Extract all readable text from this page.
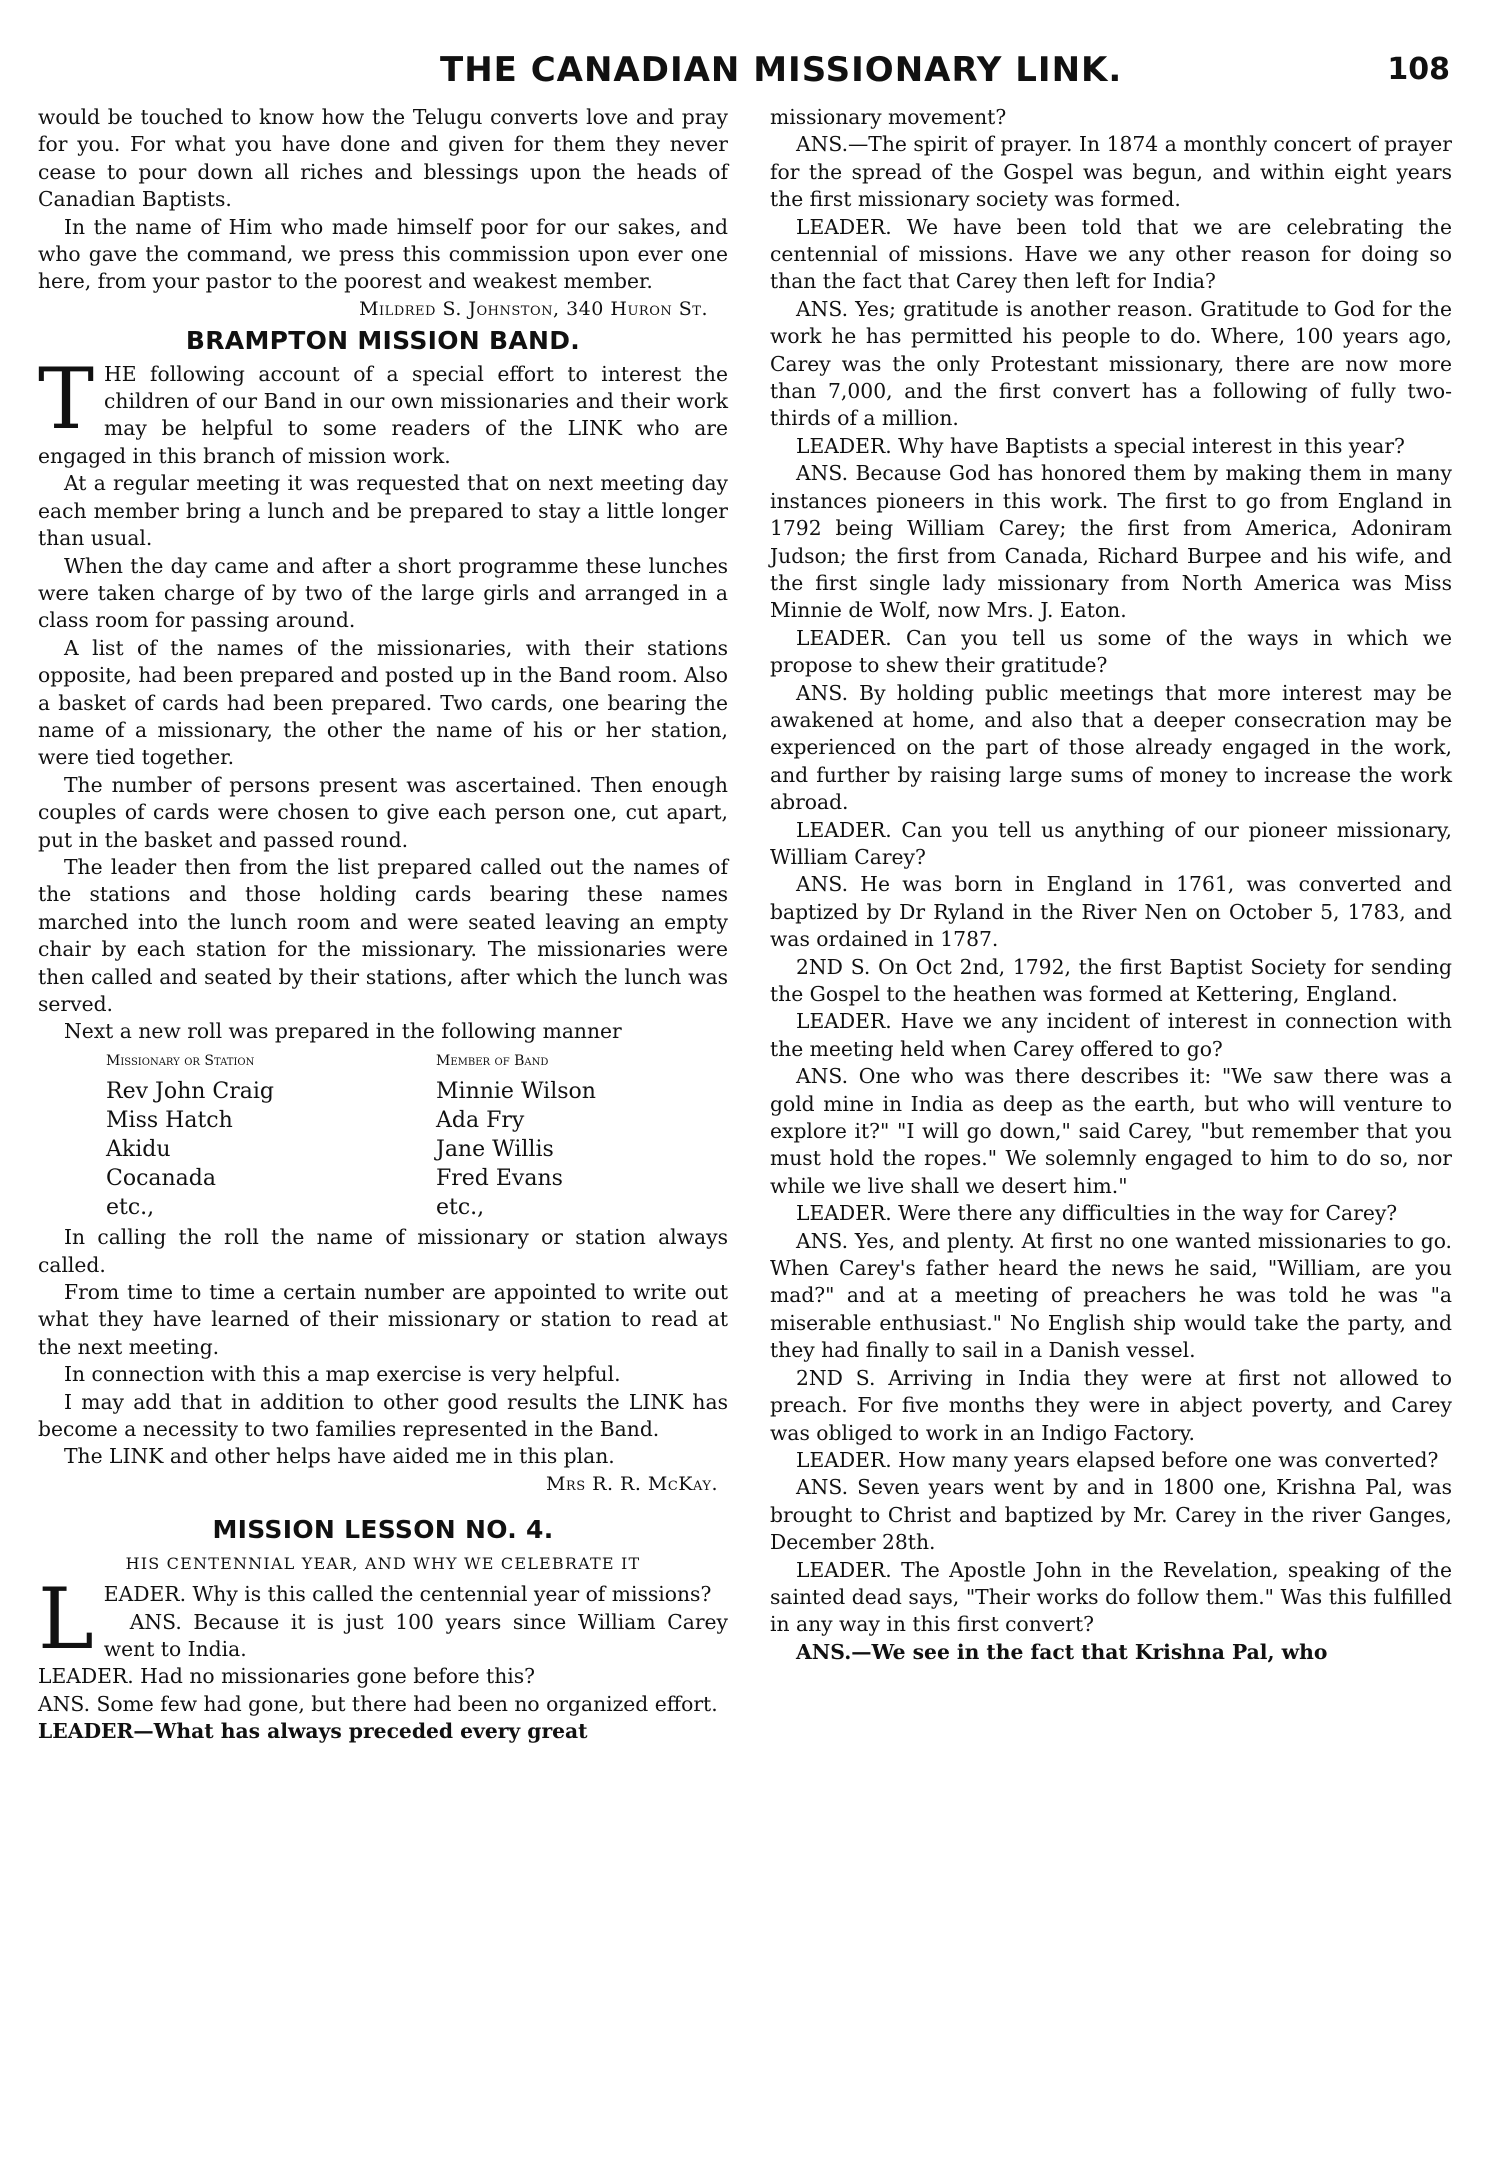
THE CANADIAN MISSIONARY LINK.	108

would be touched to know how the Telugu converts love and pray for you. For what you have done and given for them they never cease to pour down all riches and blessings upon the heads of Canadian Baptists.

In the name of Him who made himself poor for our sakes, and who gave the command, we press this commission upon ever one here, from your pastor to the poorest and weakest member.

Mildred S. Johnston, 340 Huron St.

BRAMPTON MISSION BAND.

THE following account of a special effort to interest the children of our Band in our own missionaries and their work may be helpful to some readers of the LINK who are engaged in this branch of mission work.

At a regular meeting it was requested that on next meeting day each member bring a lunch and be prepared to stay a little longer than usual.

When the day came and after a short programme these lunches were taken charge of by two of the large girls and arranged in a class room for passing around.

A list of the names of the missionaries, with their stations opposite, had been prepared and posted up in the Band room. Also a basket of cards had been prepared. Two cards, one bearing the name of a missionary, the other the name of his or her station, were tied together.

The number of persons present was ascertained. Then enough couples of cards were chosen to give each person one, cut apart, put in the basket and passed round.

The leader then from the list prepared called out the names of the stations and those holding cards bearing these names marched into the lunch room and were seated leaving an empty chair by each station for the missionary. The missionaries were then called and seated by their stations, after which the lunch was served.

Next a new roll was prepared in the following manner

Missionary or Station	Member of Band
Rev John Craig	Minnie Wilson
Miss Hatch	Ada Fry
Akidu	Jane Willis
Cocanada	Fred Evans
etc.,	etc.,

In calling the roll the name of missionary or station always called.

From time to time a certain number are appointed to write out what they have learned of their missionary or station to read at the next meeting.

In connection with this a map exercise is very helpful.

I may add that in addition to other good results the LINK has become a necessity to two families represented in the Band.

The LINK and other helps have aided me in this plan.

Mrs R. R. McKay.

MISSION LESSON NO. 4.
HIS CENTENNIAL YEAR, AND WHY WE CELEBRATE IT

LEADER. Why is this called the centennial year of missions?

ANS. Because it is just 100 years since William Carey went to India.

LEADER. Had no missionaries gone before this?

ANS. Some few had gone, but there had been no organized effort.

LEADER—What has always preceded every great

missionary movement?

ANS.—The spirit of prayer. In 1874 a monthly concert of prayer for the spread of the Gospel was begun, and within eight years the first missionary society was formed.

LEADER. We have been told that we are celebrating the centennial of missions. Have we any other reason for doing so than the fact that Carey then left for India?

ANS. Yes; gratitude is another reason. Gratitude to God for the work he has permitted his people to do. Where, 100 years ago, Carey was the only Protestant missionary, there are now more than 7,000, and the first convert has a following of fully two-thirds of a million.

LEADER. Why have Baptists a special interest in this year?

ANS. Because God has honored them by making them in many instances pioneers in this work. The first to go from England in 1792 being William Carey; the first from America, Adoniram Judson; the first from Canada, Richard Burpee and his wife, and the first single lady missionary from North America was Miss Minnie de Wolf, now Mrs. J. Eaton.

LEADER. Can you tell us some of the ways in which we propose to shew their gratitude?

ANS. By holding public meetings that more interest may be awakened at home, and also that a deeper consecration may be experienced on the part of those already engaged in the work, and further by raising large sums of money to increase the work abroad.

LEADER. Can you tell us anything of our pioneer missionary, William Carey?

ANS. He was born in England in 1761, was converted and baptized by Dr Ryland in the River Nen on October 5, 1783, and was ordained in 1787.

2ND S. On Oct 2nd, 1792, the first Baptist Society for sending the Gospel to the heathen was formed at Kettering, England.

LEADER. Have we any incident of interest in connection with the meeting held when Carey offered to go?

ANS. One who was there describes it: "We saw there was a gold mine in India as deep as the earth, but who will venture to explore it?" "I will go down," said Carey, "but remember that you must hold the ropes." We solemnly engaged to him to do so, nor while we live shall we desert him."

LEADER. Were there any difficulties in the way for Carey?

ANS. Yes, and plenty. At first no one wanted missionaries to go. When Carey's father heard the news he said, "William, are you mad?" and at a meeting of preachers he was told he was "a miserable enthusiast." No English ship would take the party, and they had finally to sail in a Danish vessel.

2ND S. Arriving in India they were at first not allowed to preach. For five months they were in abject poverty, and Carey was obliged to work in an Indigo Factory.

LEADER. How many years elapsed before one was converted?

ANS. Seven years went by and in 1800 one, Krishna Pal, was brought to Christ and baptized by Mr. Carey in the river Ganges, December 28th.

LEADER. The Apostle John in the Revelation, speaking of the sainted dead says, "Their works do follow them." Was this fulfilled in any way in this first convert?

ANS.—We see in the fact that Krishna Pal, who
